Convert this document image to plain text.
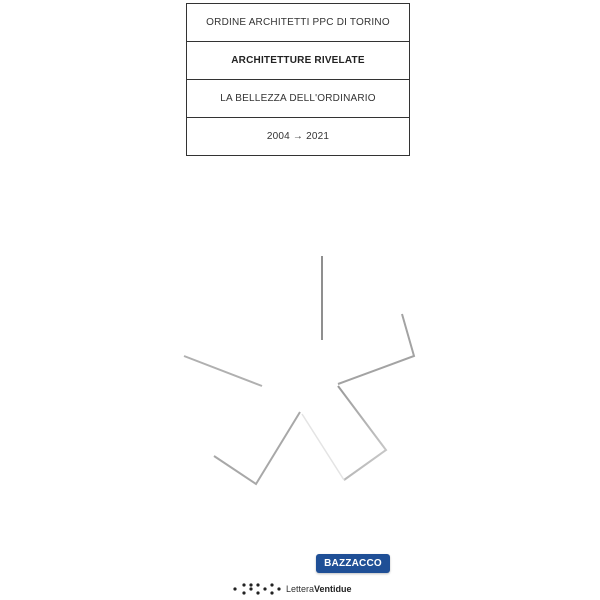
ORDINE ARCHITETTI PPC DI TORINO
ARCHITETTURE RIVELATE
LA BELLEZZA DELL'ORDINARIO
2004 → 2021
BAZZACCO
LetteraVentidue
